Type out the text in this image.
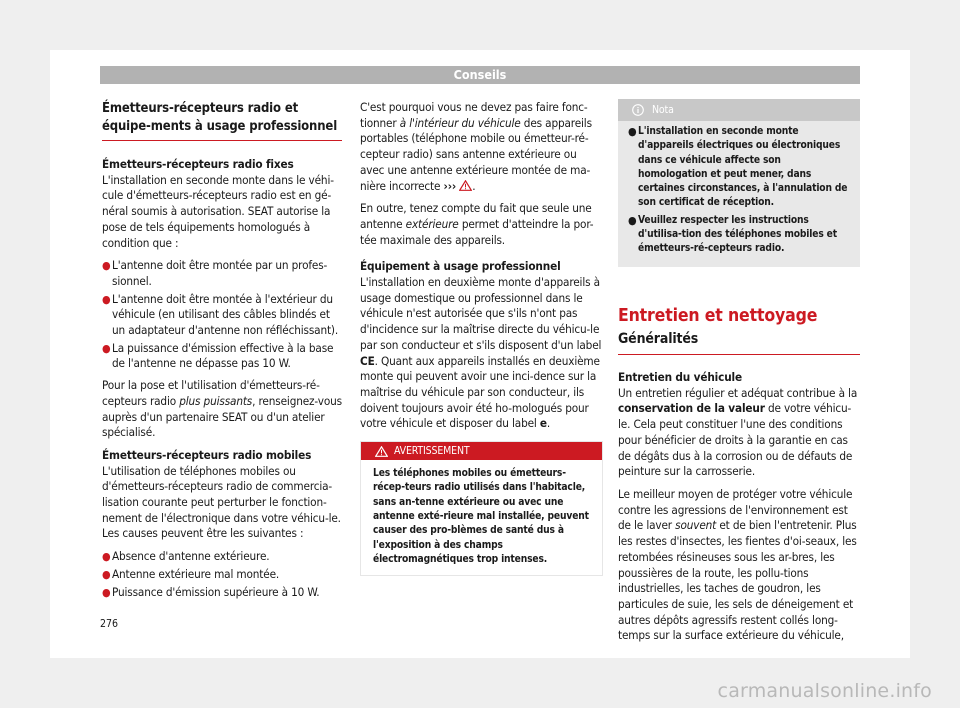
Conseils
Émetteurs-récepteurs radio et équipe-ments à usage professionnel

Émetteurs-récepteurs radio fixes

L'installation en seconde monte dans le véhi-cule d'émetteurs-récepteurs radio est en gé-néral soumis à autorisation. SEAT autorise la pose de tels équipements homologués à condition que :

● L'antenne doit être montée par un profes-sionnel.
● L'antenne doit être montée à l'extérieur du véhicule (en utilisant des câbles blindés et un adaptateur d'antenne non réfléchissant).
● La puissance d'émission effective à la base de l'antenne ne dépasse pas 10 W.

Pour la pose et l'utilisation d'émetteurs-ré-cepteurs radio plus puissants, renseignez-vous auprès d'un partenaire SEAT ou d'un atelier spécialisé.

Émetteurs-récepteurs radio mobiles

L'utilisation de téléphones mobiles ou d'émetteurs-récepteurs radio de commercia-lisation courante peut perturber le fonction-nement de l'électronique dans votre véhicu-le. Les causes peuvent être les suivantes :

● Absence d'antenne extérieure.
● Antenne extérieure mal montée.
● Puissance d'émission supérieure à 10 W.

C'est pourquoi vous ne devez pas faire fonc-tionner à l'intérieur du véhicule des appareils portables (téléphone mobile ou émetteur-ré-cepteur radio) sans antenne extérieure ou avec une antenne extérieure montée de ma-nière incorrecte ››› .

En outre, tenez compte du fait que seule une antenne extérieure permet d'atteindre la por-tée maximale des appareils.

Équipement à usage professionnel

L'installation en deuxième monte d'appareils à usage domestique ou professionnel dans le véhicule n'est autorisée que s'ils n'ont pas d'incidence sur la maîtrise directe du véhicu-le par son conducteur et s'ils disposent d'un label CE. Quant aux appareils installés en deuxième monte qui peuvent avoir une inci-dence sur la maîtrise du véhicule par son conducteur, ils doivent toujours avoir été ho-mologués pour votre véhicule et disposer du label e.

AVERTISSEMENT
Les téléphones mobiles ou émetteurs-récep-teurs radio utilisés dans l'habitacle, sans an-tenne extérieure ou avec une antenne exté-rieure mal installée, peuvent causer des pro-blèmes de santé dus à l'exposition à des champs électromagnétiques trop intenses.
Nota
● L'installation en seconde monte d'appareils électriques ou électroniques dans ce véhicule affecte son homologation et peut mener, dans certaines circonstances, à l'annulation de son certificat de réception.
● Veuillez respecter les instructions d'utilisa-tion des téléphones mobiles et émetteurs-ré-cepteurs radio.
Entretien et nettoyage
Généralités

Entretien du véhicule

Un entretien régulier et adéquat contribue à la conservation de la valeur de votre véhicu-le. Cela peut constituer l'une des conditions pour bénéficier de droits à la garantie en cas de dégâts dus à la corrosion ou de défauts de peinture sur la carrosserie.

Le meilleur moyen de protéger votre véhicule contre les agressions de l'environnement est de le laver souvent et de bien l'entretenir. Plus les restes d'insectes, les fientes d'oi-seaux, les retombées résineuses sous les ar-bres, les poussières de la route, les pollu-tions industrielles, les taches de goudron, les particules de suie, les sels de déneigement et autres dépôts agressifs restent collés long-temps sur la surface extérieure du véhicule,

276
carmanualsonline.info
